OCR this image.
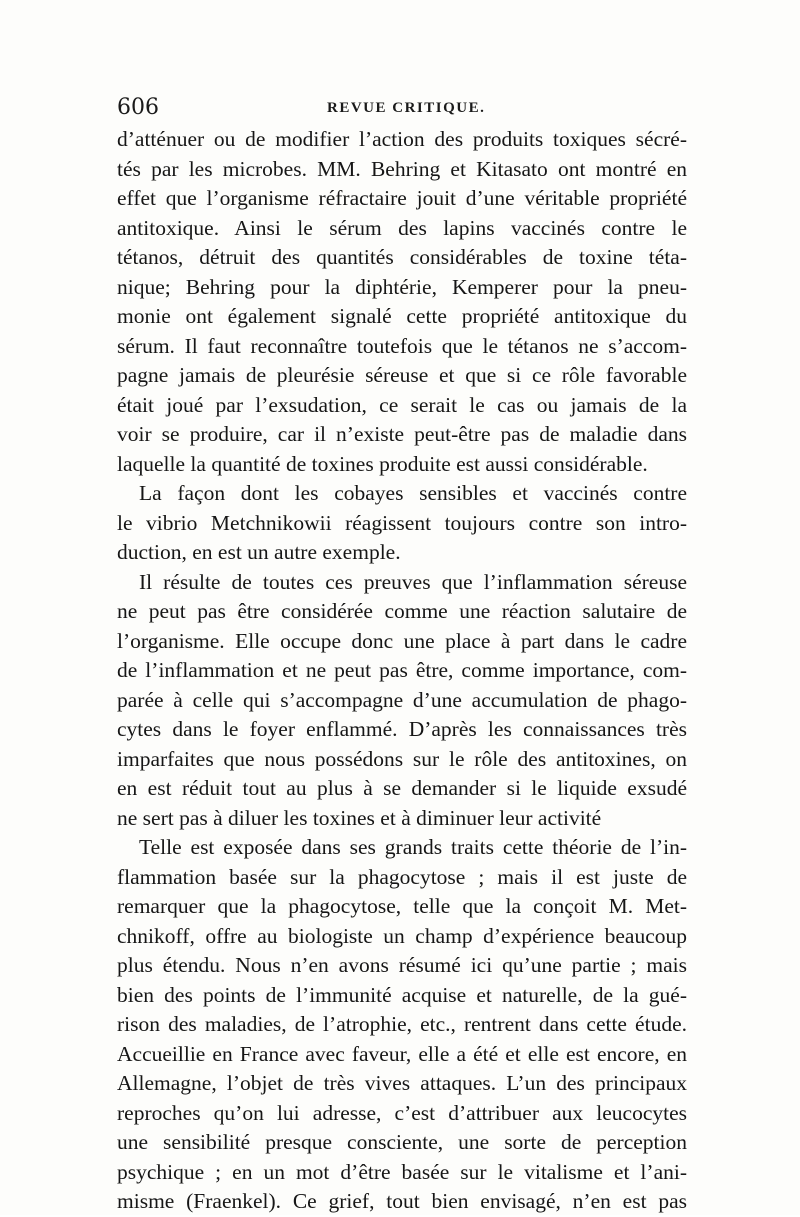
606	REVUE CRITIQUE.
d’atténuer ou de modifier l’action des produits toxiques sécré-
tés par les microbes. MM. Behring et Kitasato ont montré en
effet que l’organisme réfractaire jouit d’une véritable propriété
antitoxique. Ainsi le sérum des lapins vaccinés contre le
tétanos, détruit des quantités considérables de toxine téta-
nique; Behring pour la diphtérie, Kemperer pour la pneu-
monie ont également signalé cette propriété antitoxique du
sérum. Il faut reconnaître toutefois que le tétanos ne s’accom-
pagne jamais de pleurésie séreuse et que si ce rôle favorable
était joué par l’exsudation, ce serait le cas ou jamais de la
voir se produire, car il n’existe peut-être pas de maladie dans
laquelle la quantité de toxines produite est aussi considérable.
La façon dont les cobayes sensibles et vaccinés contre
le vibrio Metchnikowii réagissent toujours contre son intro-
duction, en est un autre exemple.
Il résulte de toutes ces preuves que l’inflammation séreuse
ne peut pas être considérée comme une réaction salutaire de
l’organisme. Elle occupe donc une place à part dans le cadre
de l’inflammation et ne peut pas être, comme importance, com-
parée à celle qui s’accompagne d’une accumulation de phago-
cytes dans le foyer enflammé. D’après les connaissances très
imparfaites que nous possédons sur le rôle des antitoxines, on
en est réduit tout au plus à se demander si le liquide exsudé
ne sert pas à diluer les toxines et à diminuer leur activité
Telle est exposée dans ses grands traits cette théorie de l’in-
flammation basée sur la phagocytose ; mais il est juste de
remarquer que la phagocytose, telle que la conçoit M. Met-
chnikoff, offre au biologiste un champ d’expérience beaucoup
plus étendu. Nous n’en avons résumé ici qu’une partie ; mais
bien des points de l’immunité acquise et naturelle, de la gué-
rison des maladies, de l’atrophie, etc., rentrent dans cette étude.
Accueillie en France avec faveur, elle a été et elle est encore, en
Allemagne, l’objet de très vives attaques. L’un des principaux
reproches qu’on lui adresse, c’est d’attribuer aux leucocytes
une sensibilité presque consciente, une sorte de perception
psychique ; en un mot d’être basée sur le vitalisme et l’ani-
misme (Fraenkel). Ce grief, tout bien envisagé, n’en est pas
